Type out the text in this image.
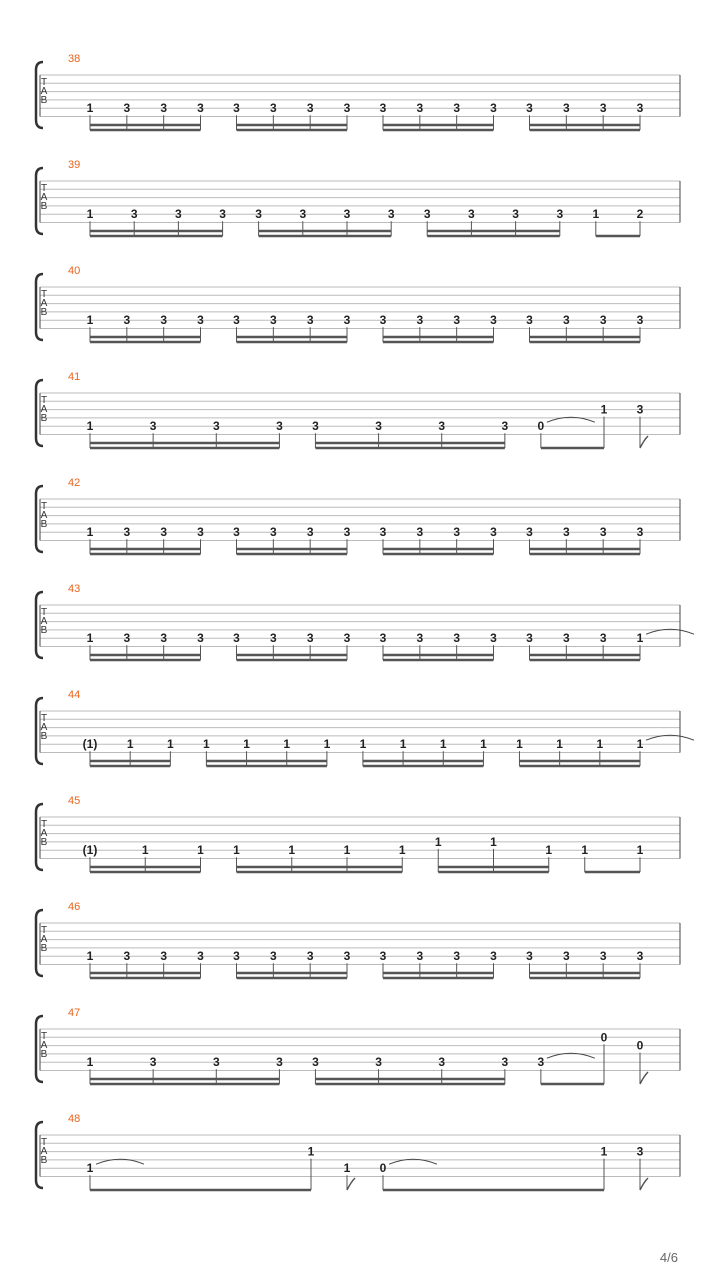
T
A
B
38
1	3	3	3 3	3	3	3 3	3	3	3 3	3	3	3
T
A
B
39
1	3	3	3 3	3	3	3 3	3	3	3 1	2
T
A
B
40
1	3	3	3 3	3	3	3 3	3	3	3 3	3	3	3
T
A
B
41
1	3	3	3 3	3	3	3 0
1 3
T
A
B
42
1	3	3	3 3	3	3	3 3	3	3	3 3	3	3	3
T
A
B
43
1	3	3	3 3	3	3	3 3	3	3	3 3	3	3	1
T
A
B
44
(1) 1	1 1	1	1	1 1	1	1	1 1	1	1	1
T
A
B
45
(1)	1	1 1	1	1	1
1	1
1 1	1
T
A
B
46
1	3	3	3 3	3	3	3 3	3	3	3 3	3	3	3
T
A
B
47
1	3	3	3 3	3	3	3 3
0
0
T
A
B
48
1
1
1 0
1 3
4/6
